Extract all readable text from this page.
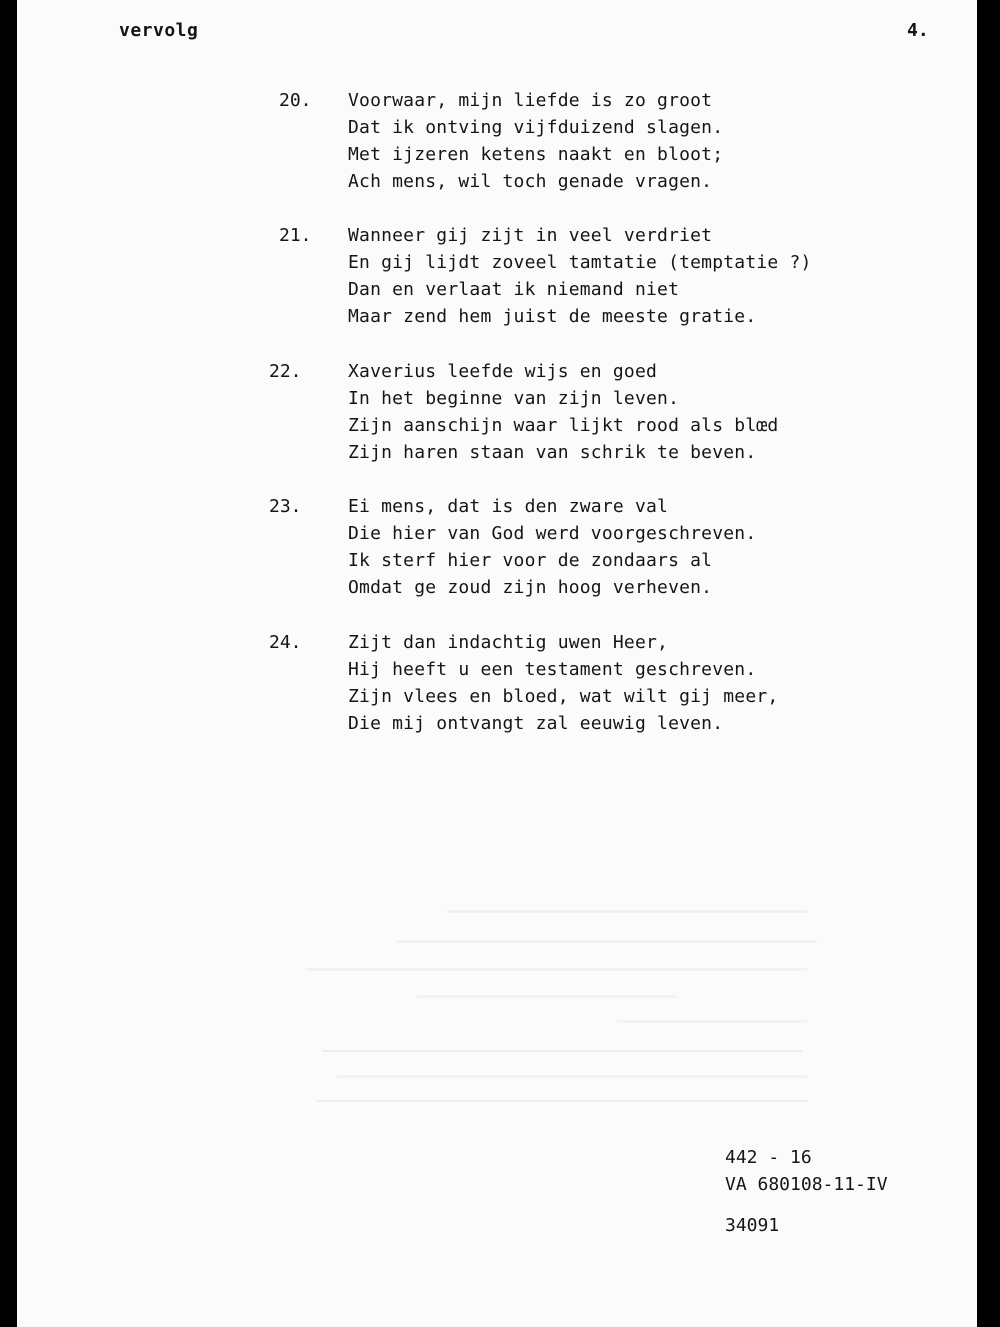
vervolg	4.
20. Voorwaar, mijn liefde is zo groot
Dat ik ontving vijfduizend slagen.
Met ijzeren ketens naakt en bloot;
Ach mens, wil toch genade vragen.
21. Wanneer gij zijt in veel verdriet
En gij lijdt zoveel tamtatie (temptatie ?)
Dan en verlaat ik niemand niet
Maar zend hem juist de meeste gratie.
22.	Xaverius leefde wijs en goed
In het beginne van zijn leven.
Zijn aanschijn waar lijkt rood als blœd
Zijn haren staan van schrik te beven.
23.	Ei mens, dat is den zware val
Die hier van God werd voorgeschreven.
Ik sterf hier voor de zondaars al
Omdat ge zoud zijn hoog verheven.
24.	Zijt dan indachtig uwen Heer,
Hij heeft u een testament geschreven.
Zijn vlees en bloed, wat wilt gij meer,
Die mij ontvangt zal eeuwig leven.
442 - 16
VA 680108-11-IV
34091
